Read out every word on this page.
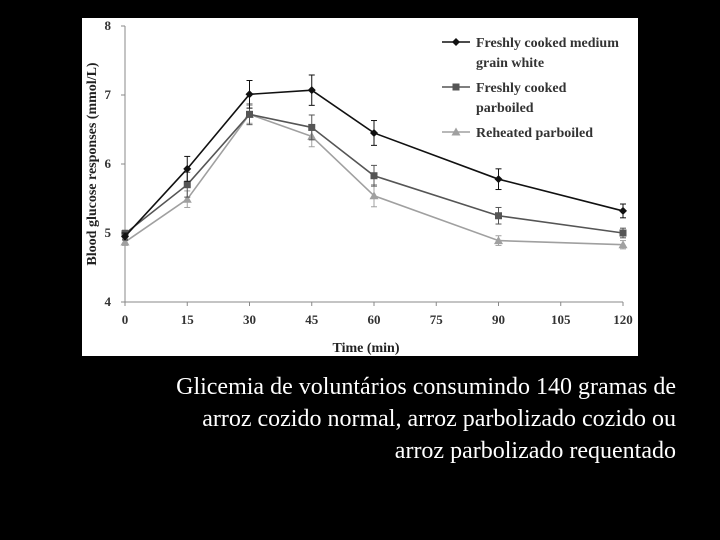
4
5
6
7
8
0	15	30	45	60	75	90	105	120
Time (min)
Blood glucose responses (mmol/L)
Freshly cooked medium
grain white
Freshly cooked
parboiled
Reheated parboiled
Glicemia de voluntários consumindo 140 gramas de
arroz cozido normal, arroz parbolizado cozido ou
arroz parbolizado requentado
